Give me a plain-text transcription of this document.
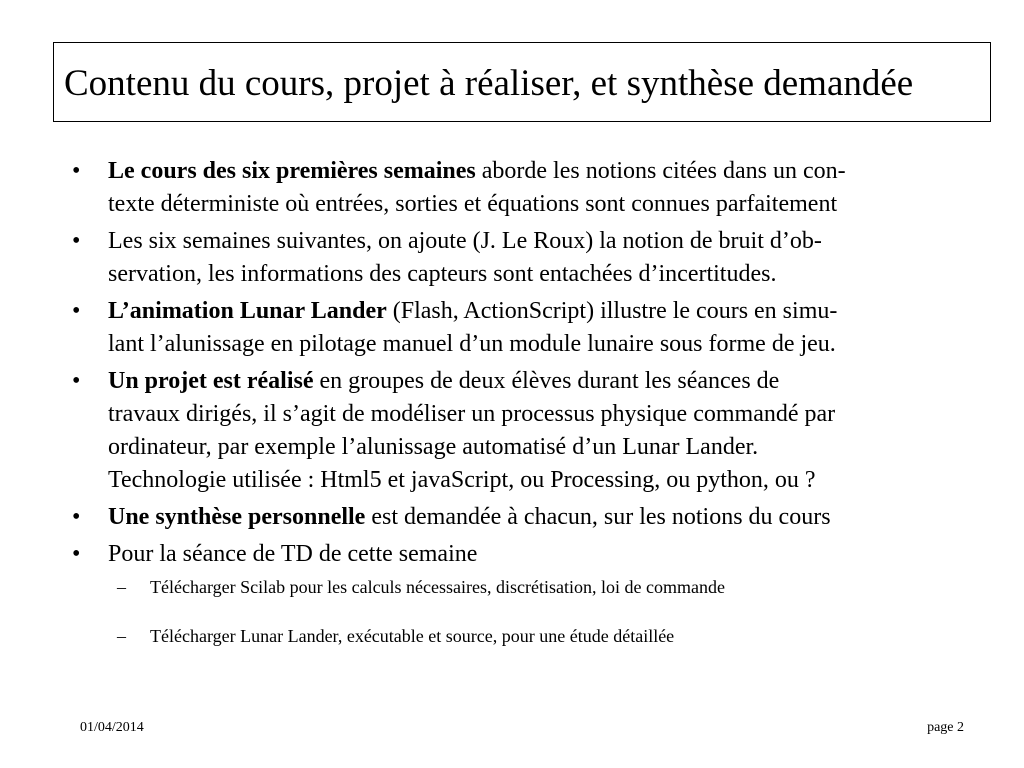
Contenu du cours, projet à réaliser, et synthèse demandée
• Le cours des six premières semaines aborde les notions citées dans un con-
texte déterministe où entrées, sorties et équations sont connues parfaitement
• Les six semaines suivantes, on ajoute (J. Le Roux) la notion de bruit d’ob-
servation, les informations des capteurs sont entachées d’incertitudes.
• L’animation Lunar Lander (Flash, ActionScript) illustre le cours en simu-
lant l’alunissage en pilotage manuel d’un module lunaire sous forme de jeu.
• Un projet est réalisé en groupes de deux élèves durant les séances de
travaux dirigés, il s’agit de modéliser un processus physique commandé par
ordinateur, par exemple l’alunissage automatisé d’un Lunar Lander.
Technologie utilisée : Html5 et javaScript, ou Processing, ou python, ou ?
• Une synthèse personnelle est demandée à chacun, sur les notions du cours
• Pour la séance de TD de cette semaine
– Télécharger Scilab pour les calculs nécessaires, discrétisation, loi de commande
– Télécharger Lunar Lander, exécutable et source, pour une étude détaillée
01/04/2014	page 2
